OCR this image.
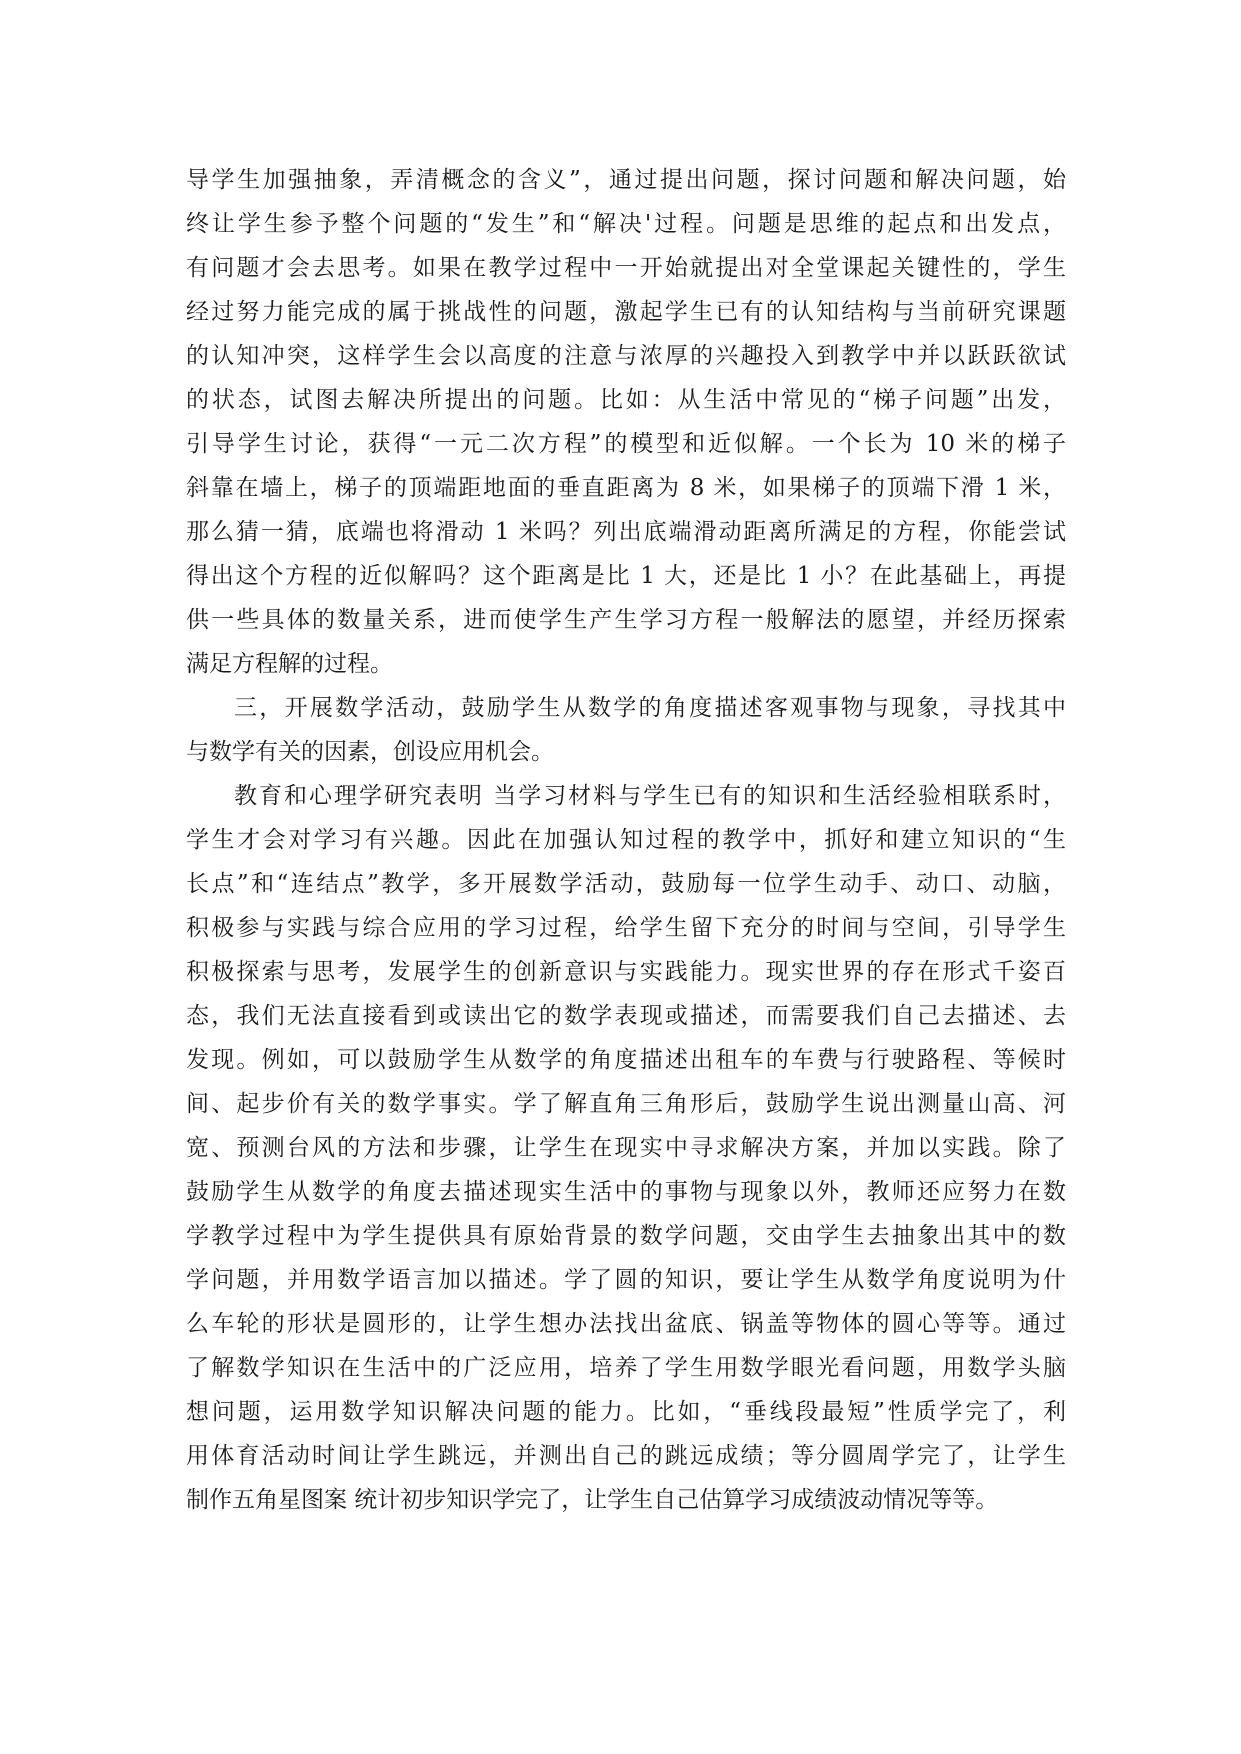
导学生加强抽象，弄清概念的含义”，通过提出问题，探讨问题和解决问题，始
终让学生参予整个问题的“发生”和“解决'过程。问题是思维的起点和出发点，
有问题才会去思考。如果在教学过程中一开始就提出对全堂课起关键性的，学生
经过努力能完成的属于挑战性的问题，激起学生已有的认知结构与当前研究课题
的认知冲突，这样学生会以高度的注意与浓厚的兴趣投入到教学中并以跃跃欲试
的状态，试图去解决所提出的问题。比如：从生活中常见的“梯子问题”出发，
引导学生讨论，获得“一元二次方程”的模型和近似解。一个长为 10 米的梯子
斜靠在墙上，梯子的顶端距地面的垂直距离为 8 米，如果梯子的顶端下滑 1 米，
那么猜一猜，底端也将滑动 1 米吗？列出底端滑动距离所满足的方程，你能尝试
得出这个方程的近似解吗？这个距离是比 1 大，还是比 1 小？在此基础上，再提
供一些具体的数量关系，进而使学生产生学习方程一般解法的愿望，并经历探索
满足方程解的过程。
三，开展数学活动，鼓励学生从数学的角度描述客观事物与现象，寻找其中
与数学有关的因素，创设应用机会。
教育和心理学研究表明 当学习材料与学生已有的知识和生活经验相联系时，
学生才会对学习有兴趣。因此在加强认知过程的教学中，抓好和建立知识的“生
长点”和“连结点”教学，多开展数学活动，鼓励每一位学生动手、动口、动脑，
积极参与实践与综合应用的学习过程，给学生留下充分的时间与空间，引导学生
积极探索与思考，发展学生的创新意识与实践能力。现实世界的存在形式千姿百
态，我们无法直接看到或读出它的数学表现或描述，而需要我们自己去描述、去
发现。例如，可以鼓励学生从数学的角度描述出租车的车费与行驶路程、等候时
间、起步价有关的数学事实。学了解直角三角形后，鼓励学生说出测量山高、河
宽、预测台风的方法和步骤，让学生在现实中寻求解决方案，并加以实践。除了
鼓励学生从数学的角度去描述现实生活中的事物与现象以外，教师还应努力在数
学教学过程中为学生提供具有原始背景的数学问题，交由学生去抽象出其中的数
学问题，并用数学语言加以描述。学了圆的知识，要让学生从数学角度说明为什
么车轮的形状是圆形的，让学生想办法找出盆底、锅盖等物体的圆心等等。通过
了解数学知识在生活中的广泛应用，培养了学生用数学眼光看问题，用数学头脑
想问题，运用数学知识解决问题的能力。比如，“垂线段最短”性质学完了，利
用体育活动时间让学生跳远，并测出自己的跳远成绩；等分圆周学完了，让学生
制作五角星图案 统计初步知识学完了，让学生自己估算学习成绩波动情况等等。
